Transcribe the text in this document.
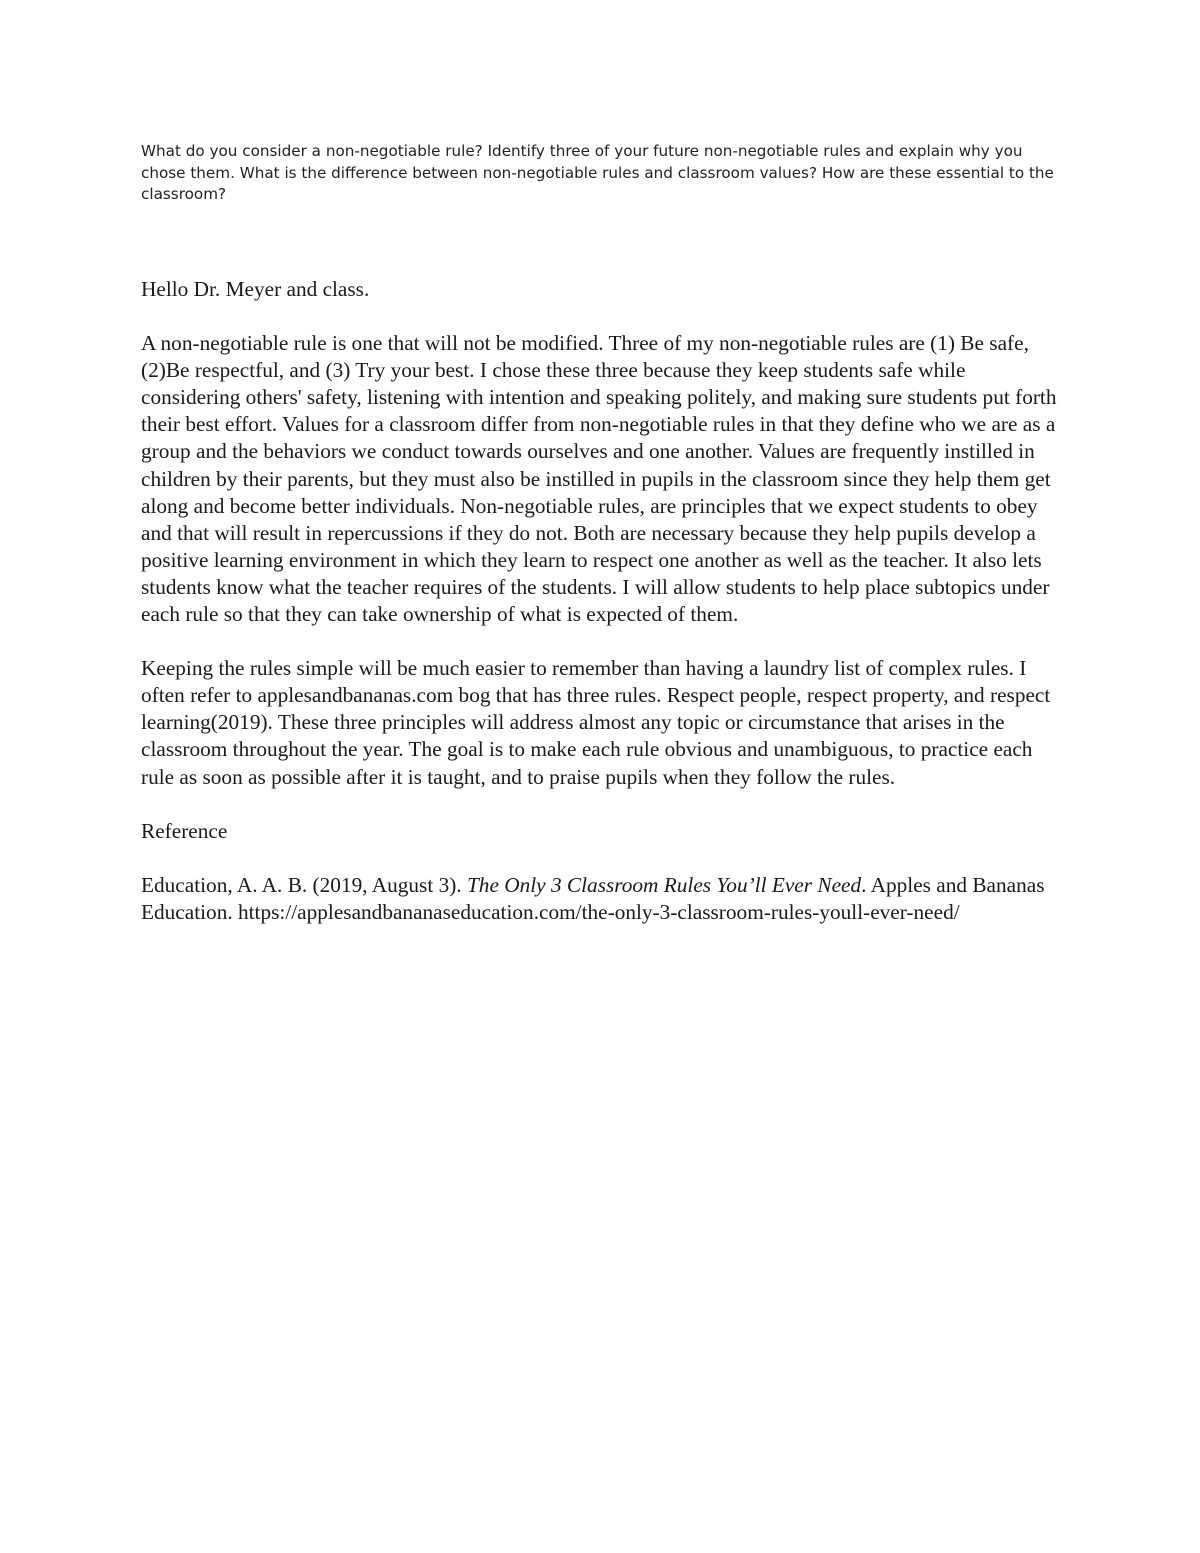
What do you consider a non-negotiable rule? Identify three of your future non-negotiable rules and explain why you chose them. What is the difference between non-negotiable rules and classroom values? How are these essential to the classroom?

Hello Dr. Meyer and class.

A non-negotiable rule is one that will not be modified. Three of my non-negotiable rules are (1) Be safe, (2)Be respectful, and (3) Try your best. I chose these three because they keep students safe while considering others' safety, listening with intention and speaking politely, and making sure students put forth their best effort. Values for a classroom differ from non-negotiable rules in that they define who we are as a group and the behaviors we conduct towards ourselves and one another. Values are frequently instilled in children by their parents, but they must also be instilled in pupils in the classroom since they help them get along and become better individuals. Non-negotiable rules, are principles that we expect students to obey and that will result in repercussions if they do not. Both are necessary because they help pupils develop a positive learning environment in which they learn to respect one another as well as the teacher. It also lets students know what the teacher requires of the students. I will allow students to help place subtopics under each rule so that they can take ownership of what is expected of them.

Keeping the rules simple will be much easier to remember than having a laundry list of complex rules. I often refer to applesandbananas.com bog that has three rules. Respect people, respect property, and respect learning(2019). These three principles will address almost any topic or circumstance that arises in the classroom throughout the year. The goal is to make each rule obvious and unambiguous, to practice each rule as soon as possible after it is taught, and to praise pupils when they follow the rules.

Reference

Education, A. A. B. (2019, August 3). The Only 3 Classroom Rules You’ll Ever Need. Apples and Bananas Education. https://applesandbananaseducation.com/the-only-3-classroom-rules-youll-ever-need/
